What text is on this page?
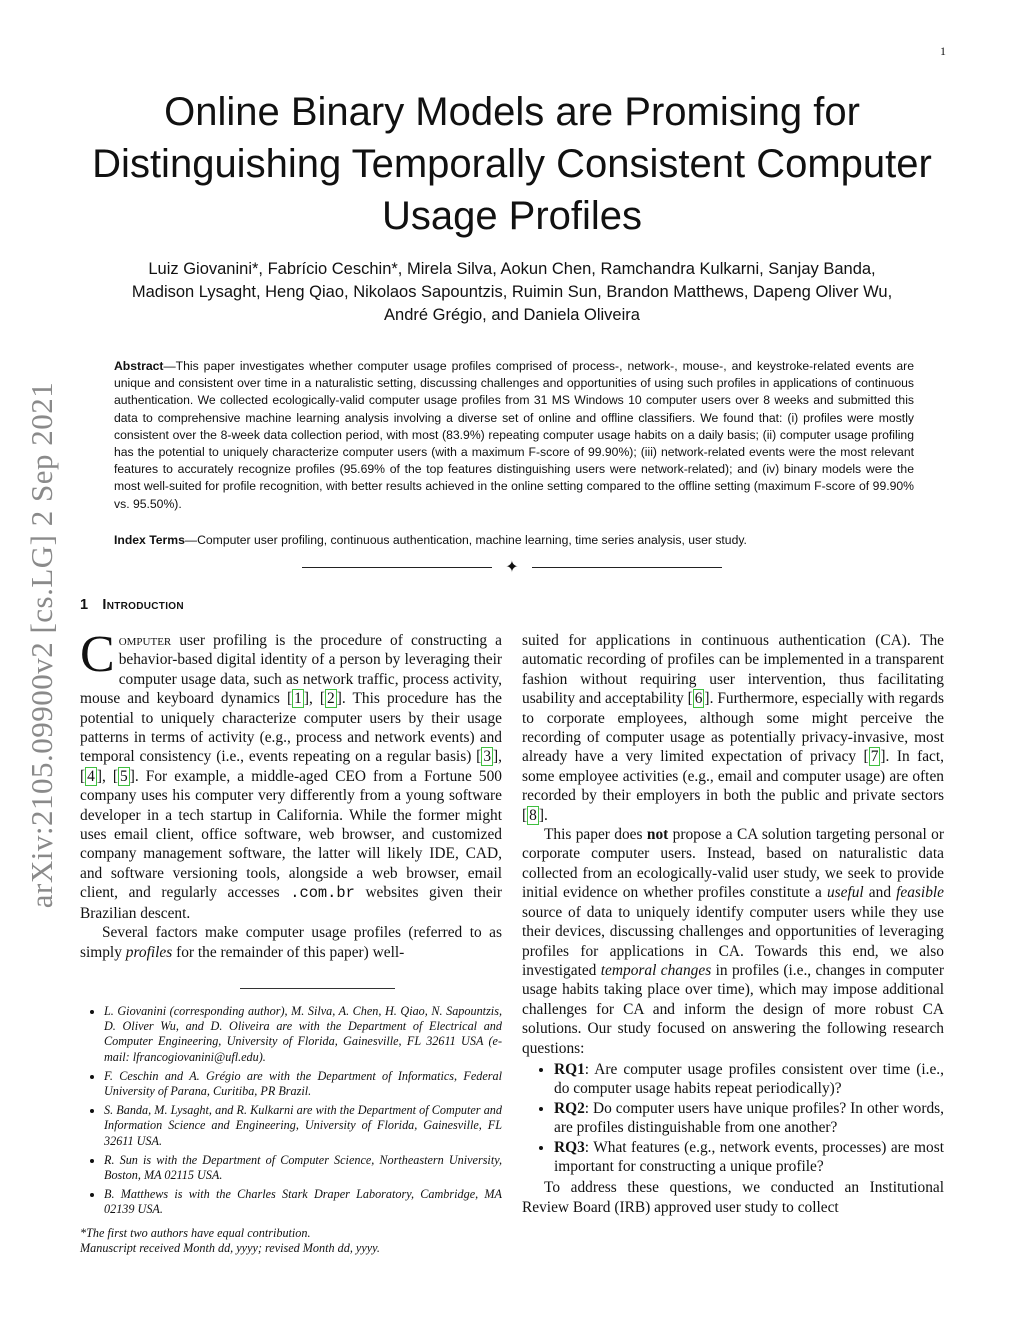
1
arXiv:2105.09900v2 [cs.LG] 2 Sep 2021
Online Binary Models are Promising for Distinguishing Temporally Consistent Computer Usage Profiles
Luiz Giovanini*, Fabrício Ceschin*, Mirela Silva, Aokun Chen, Ramchandra Kulkarni, Sanjay Banda,
Madison Lysaght, Heng Qiao, Nikolaos Sapountzis, Ruimin Sun, Brandon Matthews, Dapeng Oliver Wu,
André Grégio, and Daniela Oliveira

Abstract—This paper investigates whether computer usage profiles comprised of process-, network-, mouse-, and keystroke-related events are unique and consistent over time in a naturalistic setting, discussing challenges and opportunities of using such profiles in applications of continuous authentication. We collected ecologically-valid computer usage profiles from 31 MS Windows 10 computer users over 8 weeks and submitted this data to comprehensive machine learning analysis involving a diverse set of online and offline classifiers. We found that: (i) profiles were mostly consistent over the 8-week data collection period, with most (83.9%) repeating computer usage habits on a daily basis; (ii) computer usage profiling has the potential to uniquely characterize computer users (with a maximum F-score of 99.90%); (iii) network-related events were the most relevant features to accurately recognize profiles (95.69% of the top features distinguishing users were network-related); and (iv) binary models were the most well-suited for profile recognition, with better results achieved in the online setting compared to the offline setting (maximum F-score of 99.90% vs. 95.50%).

Index Terms—Computer user profiling, continuous authentication, machine learning, time series analysis, user study.

✦
1 Introduction

Computer user profiling is the procedure of constructing a behavior-based digital identity of a person by leveraging their computer usage data, such as network traffic, process activity, mouse and keyboard dynamics [ 1 ], [ 2 ]. This procedure has the potential to uniquely characterize computer users by their usage patterns in terms of activity (e.g., process and network events) and temporal consistency (i.e., events repeating on a regular basis) [ 3 ], [ 4 ], [ 5 ]. For example, a middle-aged CEO from a Fortune 500 company uses his computer very differently from a young software developer in a tech startup in California. While the former might uses email client, office software, web browser, and customized company management software, the latter will likely IDE, CAD, and software versioning tools, alongside a web browser, email client, and regularly accesses .com.br websites given their Brazilian descent.

Several factors make computer usage profiles (referred to as simply profiles for the remainder of this paper) well-

• L. Giovanini (corresponding author), M. Silva, A. Chen, H. Qiao, N. Sapountzis, D. Oliver Wu, and D. Oliveira are with the Department of Electrical and Computer Engineering, University of Florida, Gainesville, FL 32611 USA (e-mail: lfrancogiovanini@ufl.edu).
• F. Ceschin and A. Grégio are with the Department of Informatics, Federal University of Parana, Curitiba, PR Brazil.
• S. Banda, M. Lysaght, and R. Kulkarni are with the Department of Computer and Information Science and Engineering, University of Florida, Gainesville, FL 32611 USA.
• R. Sun is with the Department of Computer Science, Northeastern University, Boston, MA 02115 USA.
• B. Matthews is with the Charles Stark Draper Laboratory, Cambridge, MA 02139 USA.

*The first two authors have equal contribution.
Manuscript received Month dd, yyyy; revised Month dd, yyyy.

suited for applications in continuous authentication (CA). The automatic recording of profiles can be implemented in a transparent fashion without requiring user intervention, thus facilitating usability and acceptability [ 6 ]. Furthermore, especially with regards to corporate employees, although some might perceive the recording of computer usage as potentially privacy-invasive, most already have a very limited expectation of privacy [ 7 ]. In fact, some employee activities (e.g., email and computer usage) are often recorded by their employers in both the public and private sectors [ 8 ].

This paper does not propose a CA solution targeting personal or corporate computer users. Instead, based on naturalistic data collected from an ecologically-valid user study, we seek to provide initial evidence on whether profiles constitute a useful and feasible source of data to uniquely identify computer users while they use their devices, discussing challenges and opportunities of leveraging profiles for applications in CA. Towards this end, we also investigated temporal changes in profiles (i.e., changes in computer usage habits taking place over time), which may impose additional challenges for CA and inform the design of more robust CA solutions. Our study focused on answering the following research questions:

• RQ1: Are computer usage profiles consistent over time (i.e., do computer usage habits repeat periodically)?
• RQ2: Do computer users have unique profiles? In other words, are profiles distinguishable from one another?
• RQ3: What features (e.g., network events, processes) are most important for constructing a unique profile?

To address these questions, we conducted an Institutional Review Board (IRB) approved user study to collect
